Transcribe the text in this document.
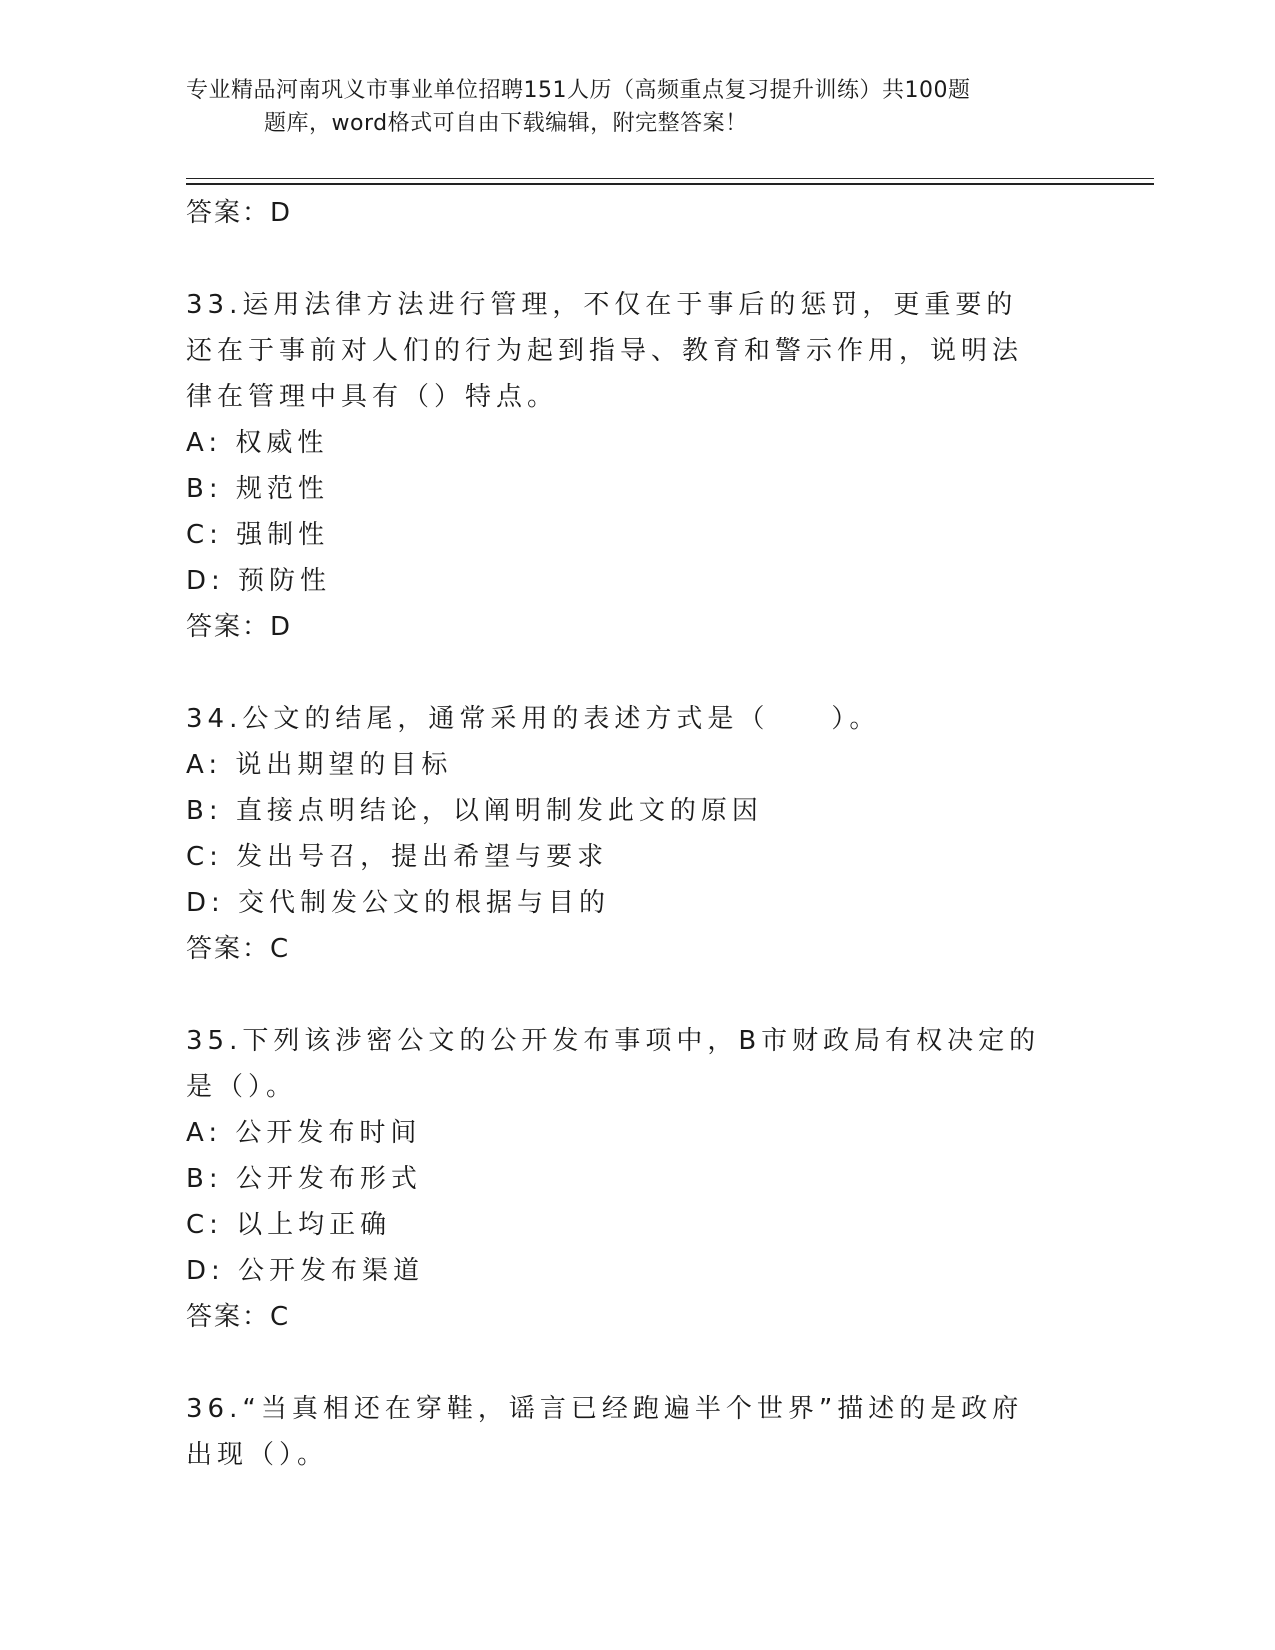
专业精品河南巩义市事业单位招聘151人历（高频重点复习提升训练）共100题
题库，word格式可自由下载编辑，附完整答案！
答案：D
33.运用法律方法进行管理，不仅在于事后的惩罚，更重要的还在于事前对人们的行为起到指导、教育和警示作用，说明法律在管理中具有（）特点。
A: 权威性
B: 规范性
C: 强制性
D: 预防性
答案：D
34.公文的结尾，通常采用的表述方式是（　　）。
A: 说出期望的目标
B: 直接点明结论，以阐明制发此文的原因
C: 发出号召，提出希望与要求
D: 交代制发公文的根据与目的
答案：C
35.下列该涉密公文的公开发布事项中，B市财政局有权决定的是（）。
A: 公开发布时间
B: 公开发布形式
C: 以上均正确
D: 公开发布渠道
答案：C
36.“当真相还在穿鞋，谣言已经跑遍半个世界”描述的是政府出现（）。
